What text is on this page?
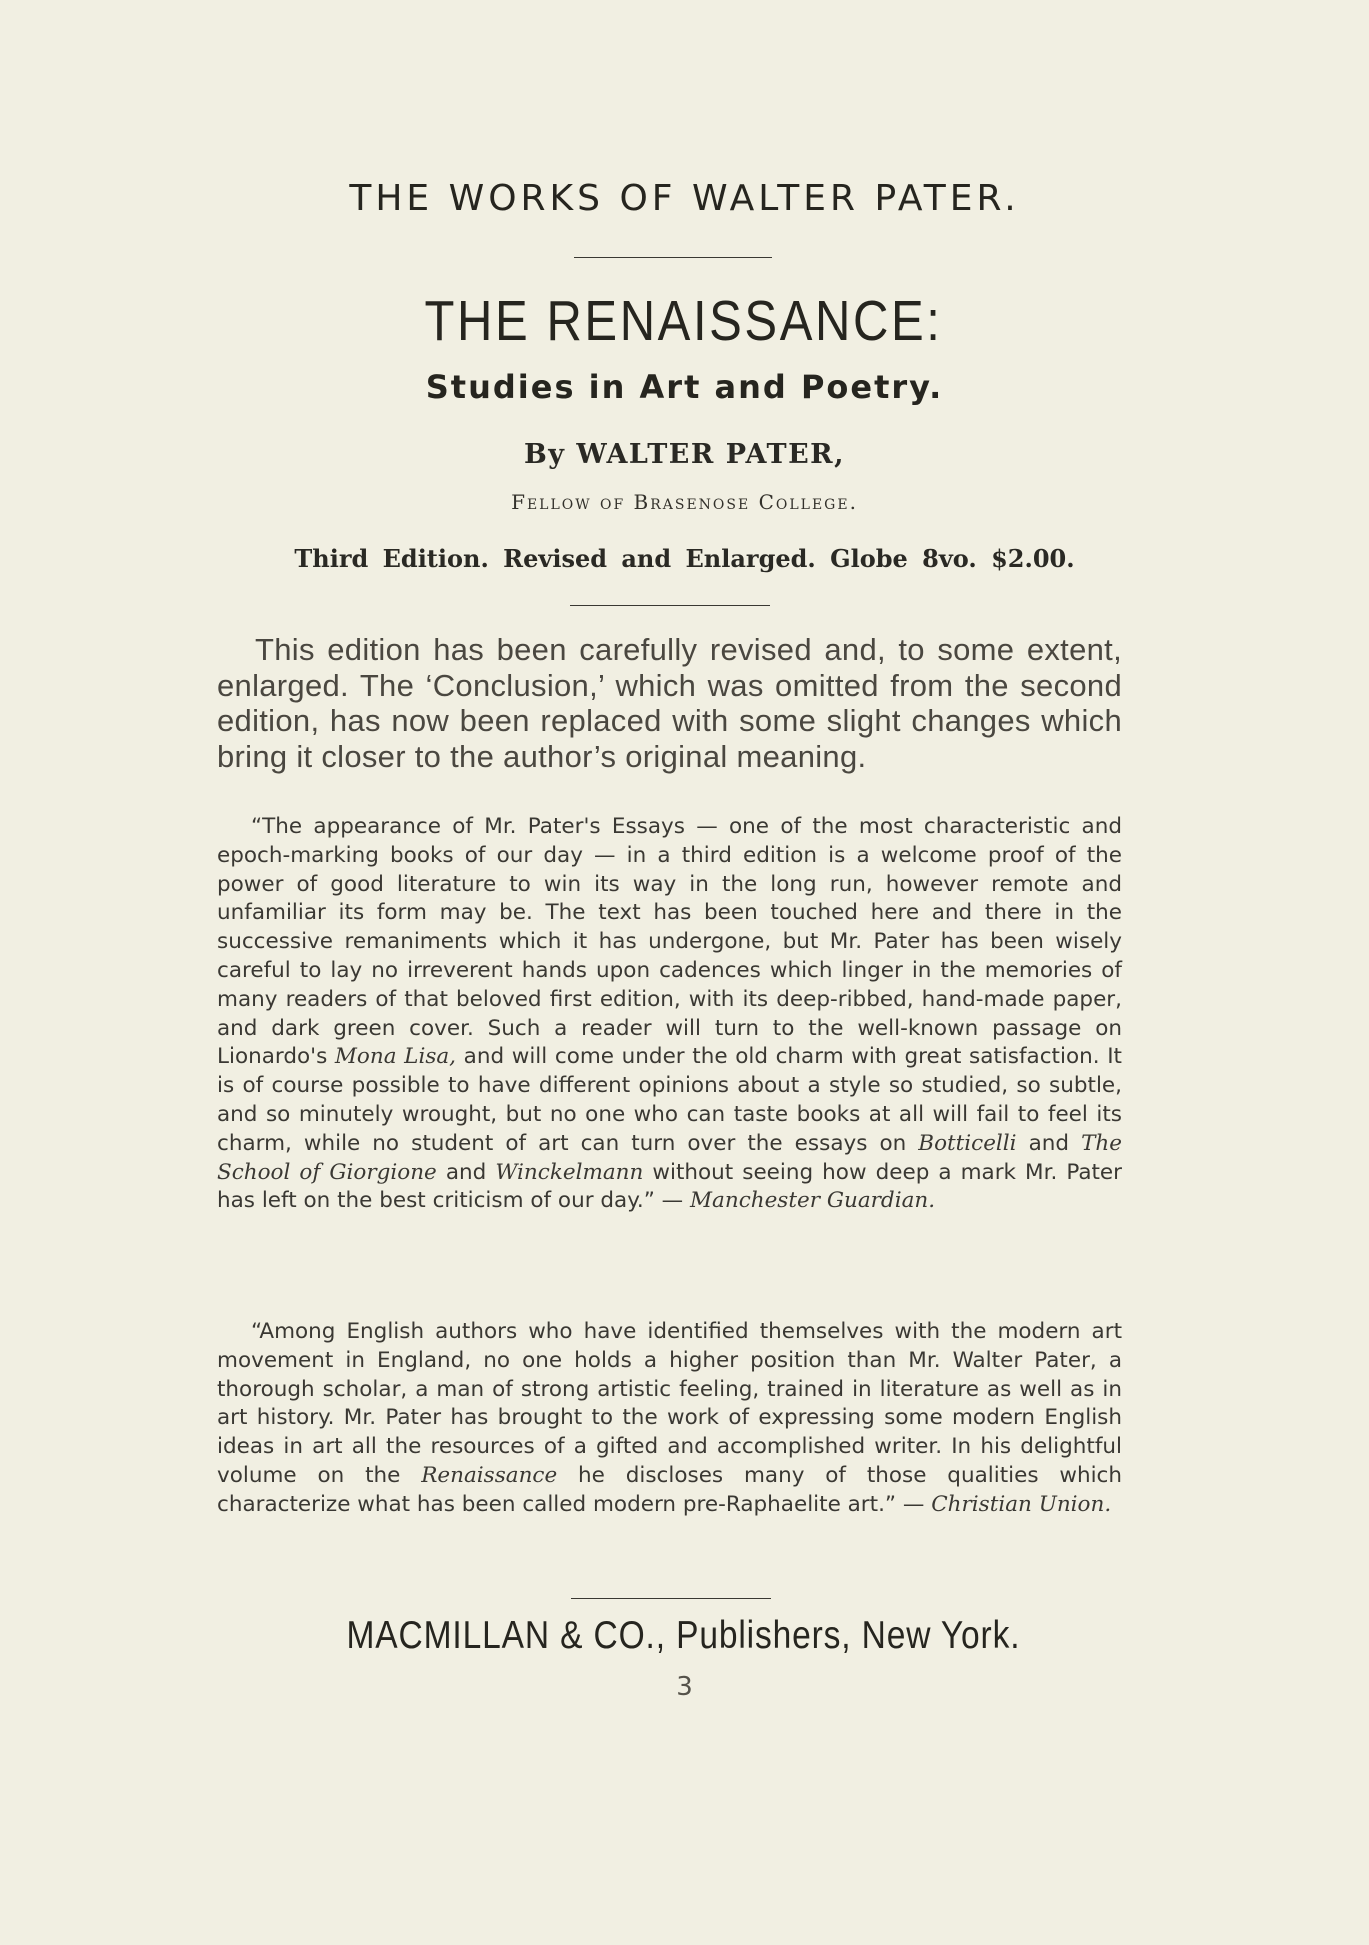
THE WORKS OF WALTER PATER.
THE RENAISSANCE:
Studies in Art and Poetry.
By WALTER PATER,
Fellow of Brasenose College.
Third Edition. Revised and Enlarged. Globe 8vo. $2.00.
This edition has been carefully revised and, to some extent, enlarged. The ‘Conclusion,’ which was omitted from the second edition, has now been replaced with some slight changes which bring it closer to the author’s original meaning.
“The appearance of Mr. Pater's Essays — one of the most characteristic and epoch-marking books of our day — in a third edition is a welcome proof of the power of good literature to win its way in the long run, however remote and unfamiliar its form may be. The text has been touched here and there in the successive remaniments which it has undergone, but Mr. Pater has been wisely careful to lay no irreverent hands upon cadences which linger in the memories of many readers of that beloved first edition, with its deep-ribbed, hand-made paper, and dark green cover. Such a reader will turn to the well-known passage on Lionardo's Mona Lisa, and will come under the old charm with great satisfaction. It is of course possible to have different opinions about a style so studied, so subtle, and so minutely wrought, but no one who can taste books at all will fail to feel its charm, while no student of art can turn over the essays on Botticelli and The School of Giorgione and Winckelmann without seeing how deep a mark Mr. Pater has left on the best criticism of our day.” — Manchester Guardian.
“Among English authors who have identified themselves with the modern art movement in England, no one holds a higher position than Mr. Walter Pater, a thorough scholar, a man of strong artistic feeling, trained in literature as well as in art history. Mr. Pater has brought to the work of expressing some modern English ideas in art all the resources of a gifted and accomplished writer. In his delightful volume on the Renaissance he discloses many of those qualities which characterize what has been called modern pre-Raphaelite art.” — Christian Union.
MACMILLAN & CO., Publishers, New York.
3
